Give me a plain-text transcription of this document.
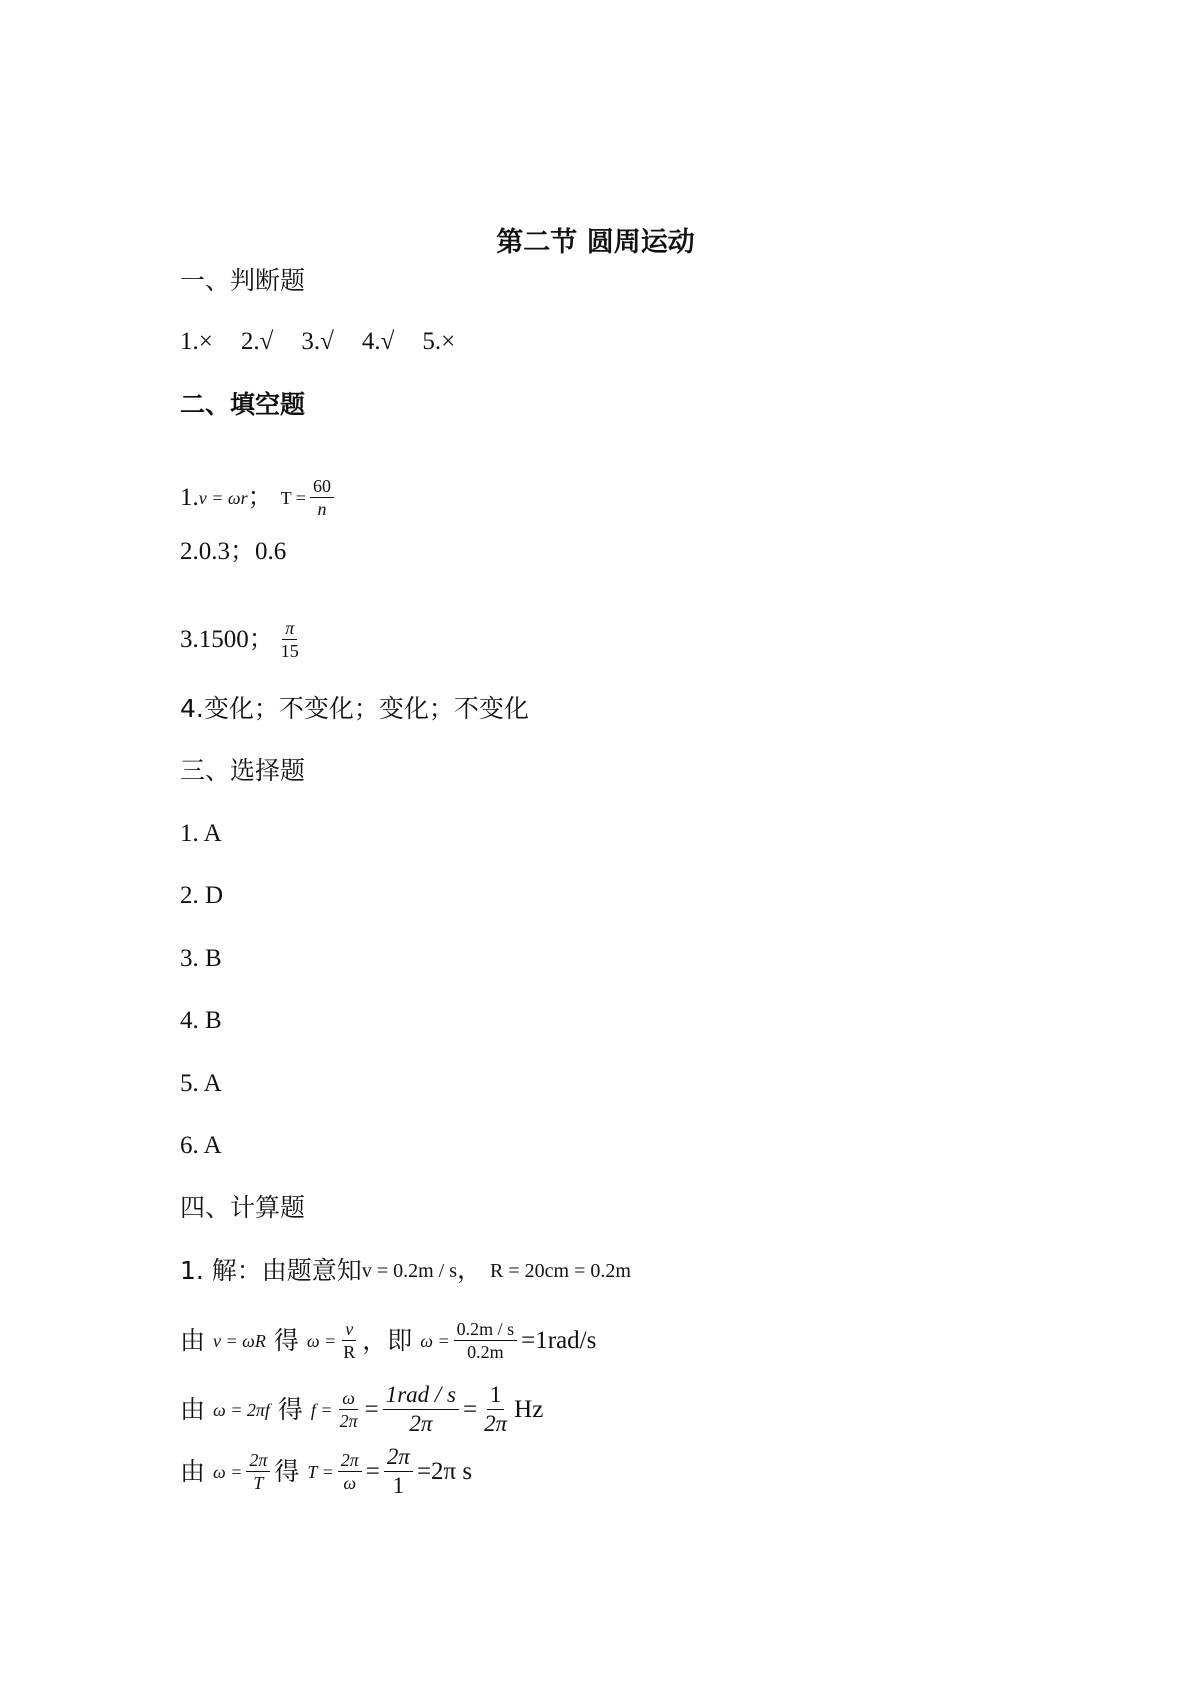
第二节 圆周运动
一、判断题
1.× 2.√ 3.√ 4.√ 5.×
二、填空题
1. v = ωr ； $T = \frac{60}{n}$
2.0.3；0.6
3.1500； $\frac{\pi}{15}$
4.变化；不变化；变化；不变化
三、选择题
1. A
2. D
3. B
4. B
5. A
6. A
四、计算题
1. 解：由题意知 v = 0.2m / s ， R = 20cm = 0.2m
由 v = ωR 得 $\omega = \frac{v}{R}$ ，即 $\omega = \frac{0.2m / s}{0.2m} =1rad/s$
由 ω = 2πf 得 $f = \frac{\omega}{2\pi} = \frac{\text{1rad / s}}{2\pi} = \frac{1}{2\pi}$ Hz
由 $\omega = \frac{2\pi}{T}$ 得 $T = \frac{2\pi}{\omega} = \frac{2\pi}{1} =2\pi$ s
